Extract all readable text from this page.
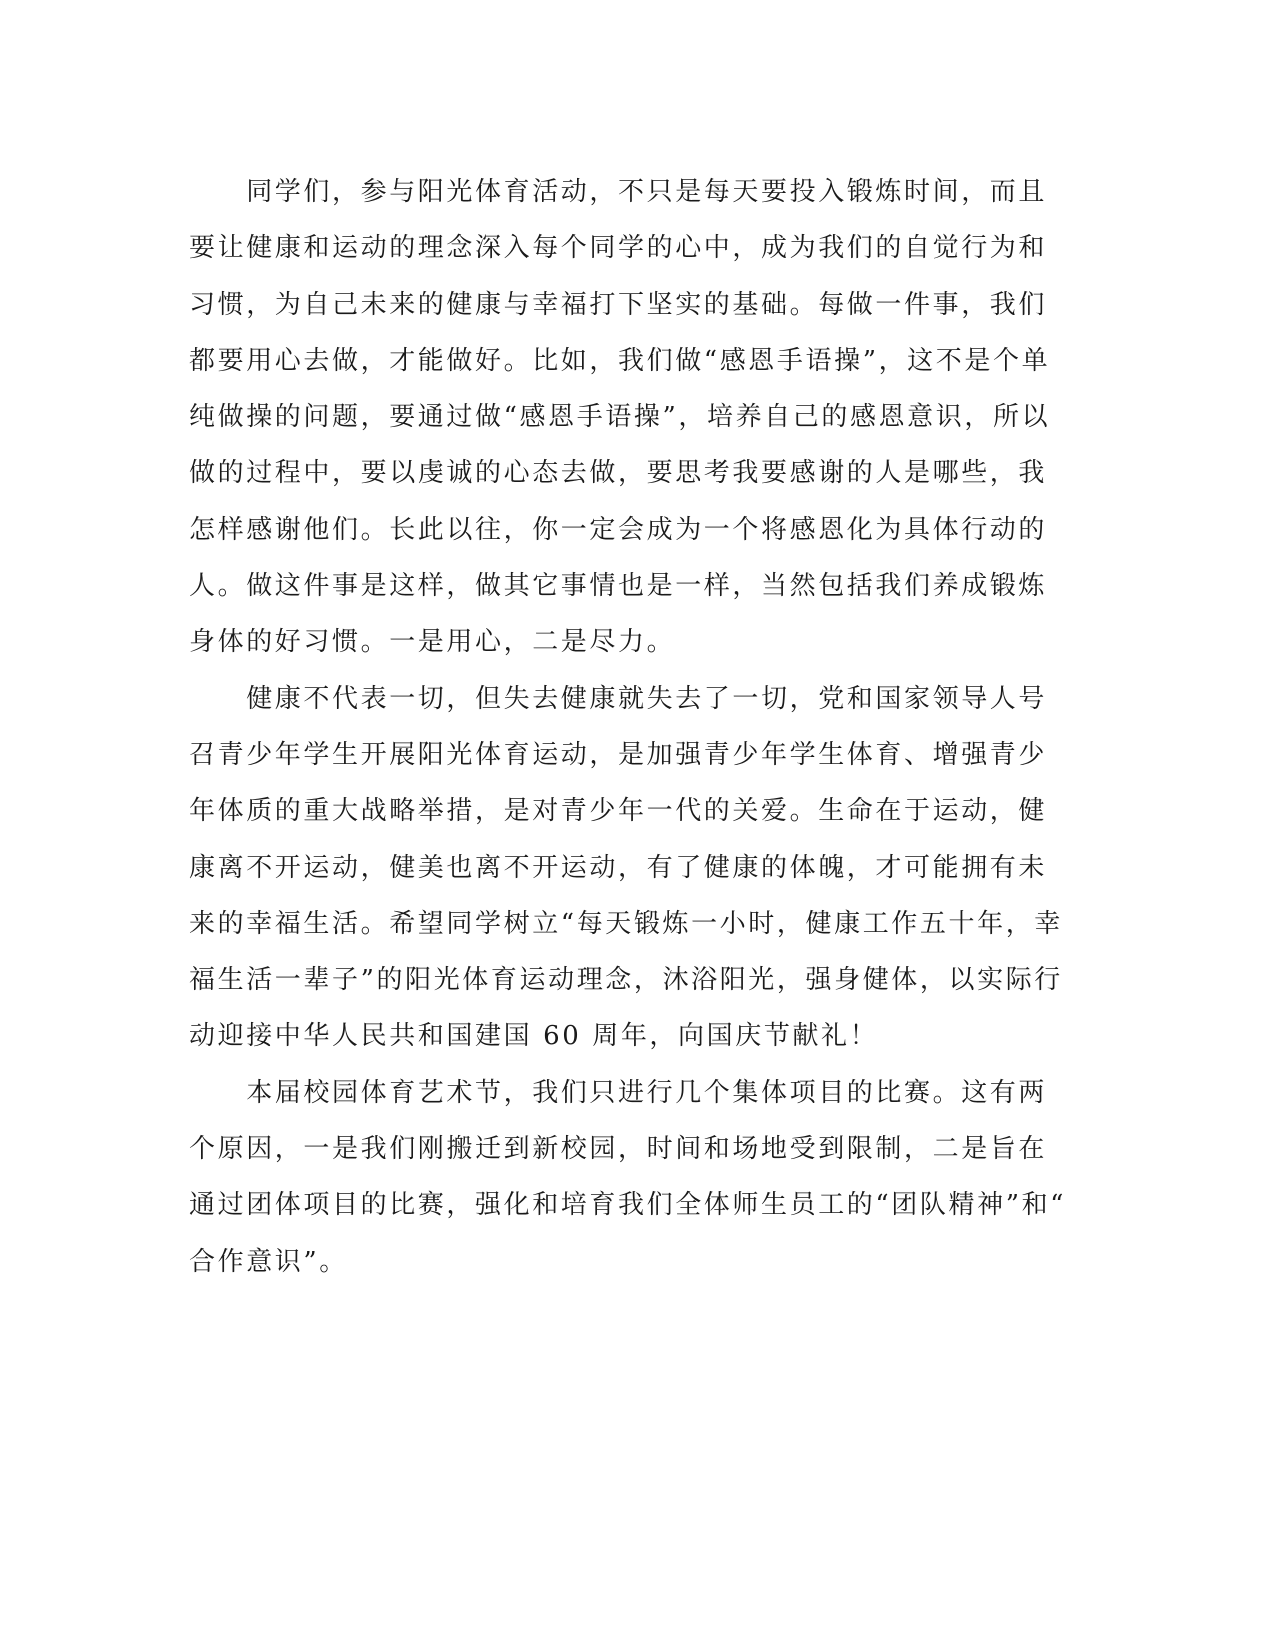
　　同学们，参与阳光体育活动，不只是每天要投入锻炼时间，而且
要让健康和运动的理念深入每个同学的心中，成为我们的自觉行为和
习惯，为自己未来的健康与幸福打下坚实的基础。每做一件事，我们
都要用心去做，才能做好。比如，我们做“感恩手语操”，这不是个单
纯做操的问题，要通过做“感恩手语操”，培养自己的感恩意识，所以
做的过程中，要以虔诚的心态去做，要思考我要感谢的人是哪些，我
怎样感谢他们。长此以往，你一定会成为一个将感恩化为具体行动的
人。做这件事是这样，做其它事情也是一样，当然包括我们养成锻炼
身体的好习惯。一是用心，二是尽力。
　　健康不代表一切，但失去健康就失去了一切，党和国家领导人号
召青少年学生开展阳光体育运动，是加强青少年学生体育、增强青少
年体质的重大战略举措，是对青少年一代的关爱。生命在于运动，健
康离不开运动，健美也离不开运动，有了健康的体魄，才可能拥有未
来的幸福生活。希望同学树立“每天锻炼一小时，健康工作五十年，幸
福生活一辈子”的阳光体育运动理念，沐浴阳光，强身健体，以实际行
动迎接中华人民共和国建国 60 周年，向国庆节献礼！
　　本届校园体育艺术节，我们只进行几个集体项目的比赛。这有两
个原因，一是我们刚搬迁到新校园，时间和场地受到限制，二是旨在
通过团体项目的比赛，强化和培育我们全体师生员工的“团队精神”和“
合作意识”。
